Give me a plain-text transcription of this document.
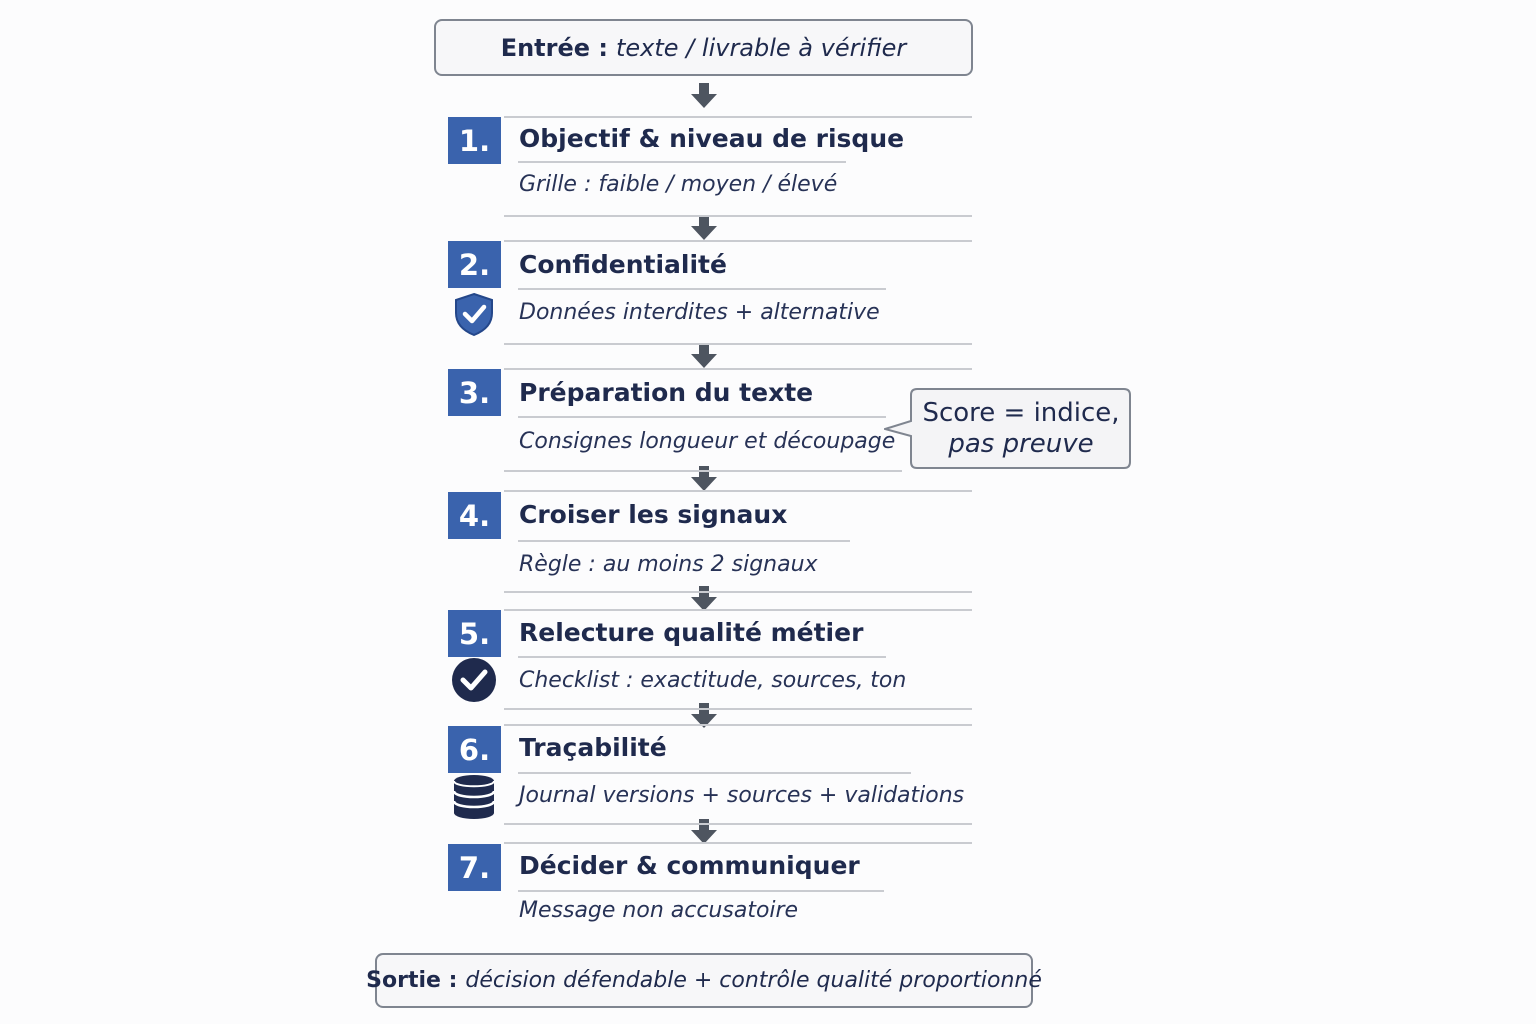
Entrée : texte / livrable à vérifier
1.	Objectif & niveau de risque
Grille : faible / moyen / élevé
2.	Confidentialité
Données interdites + alternative
3.	Préparation du texte
Consignes longueur et découpage
4.	Croiser les signaux
Règle : au moins 2 signaux
5.	Relecture qualité métier
Checklist : exactitude, sources, ton
6.	Traçabilité
Journal versions + sources + validations
7.	Décider & communiquer
Message non accusatoire
Score = indice,
pas preuve
Sortie : décision défendable + contrôle qualité proportionné
